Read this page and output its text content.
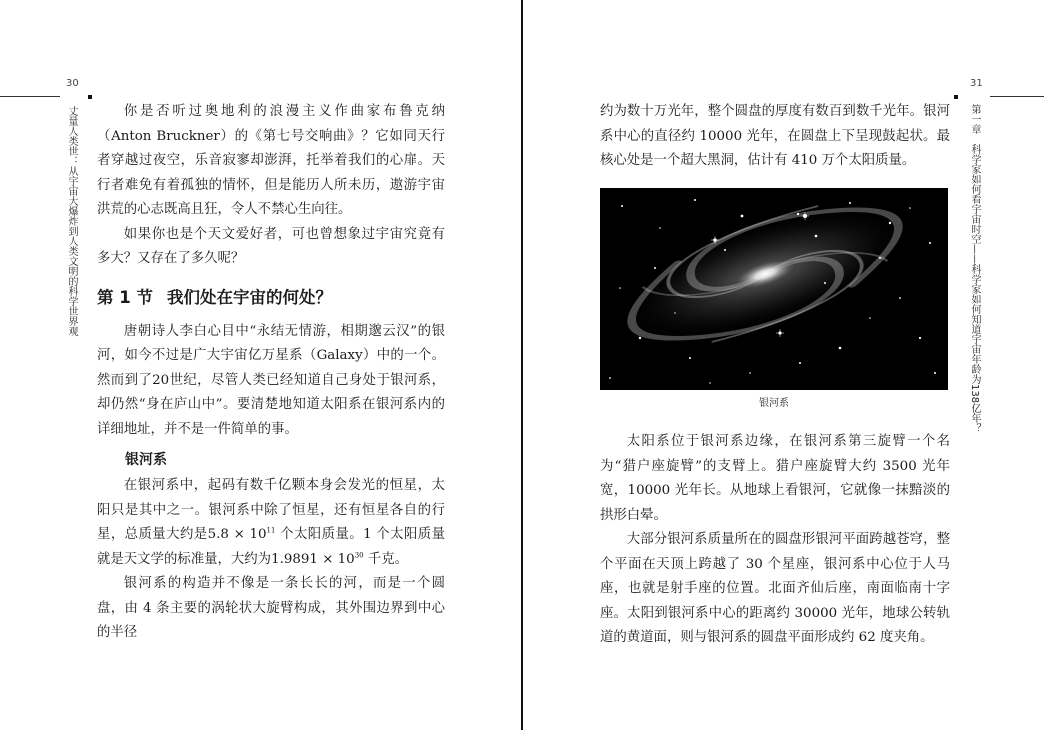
30
丈量人类世：从宇宙大爆炸到人类文明的科学世界观	你是否听过奥地利的浪漫主义作曲家布鲁克纳（Anton Bruckner）的《第七号交响曲》？它如同天行者穿越过夜空，乐音寂寥却澎湃，托举着我们的心扉。天行者难免有着孤独的情怀，但是能历人所未历，遨游宇宙洪荒的心志既高且狂，令人不禁心生向往。

如果你也是个天文爱好者，可也曾想象过宇宙究竟有多大？又存在了多久呢？

第 1 节 我们处在宇宙的何处？

唐朝诗人李白心目中“永结无情游，相期邈云汉”的银河，如今不过是广大宇宙亿万星系（Galaxy）中的一个。然而到了20世纪，尽管人类已经知道自己身处于银河系，却仍然“身在庐山中”。要清楚地知道太阳系在银河系内的详细地址，并不是一件简单的事。

银河系

在银河系中，起码有数千亿颗本身会发光的恒星，太阳只是其中之一。银河系中除了恒星，还有恒星各自的行星，总质量大约是$5.8 \times 10^{11}$ 个太阳质量。1 个太阳质量就是天文学的标准量，大约为$1.9891 \times 10^{30}$ 千克。

银河系的构造并不像是一条长长的河，而是一个圆盘，由 4 条主要的涡轮状大旋臂构成，其外围边界到中心的半径

31
第一章　科学家如何看宇宙时空——科学家如何知道宇宙年龄为138亿年？

约为数十万光年，整个圆盘的厚度有数百到数千光年。银河系中心的直径约 10000 光年，在圆盘上下呈现鼓起状。最核心处是一个超大黑洞，估计有 410 万个太阳质量。

银河系

太阳系位于银河系边缘，在银河系第三旋臂一个名为“猎户座旋臂”的支臂上。猎户座旋臂大约 3500 光年宽，10000 光年长。从地球上看银河，它就像一抹黯淡的拱形白晕。

大部分银河系质量所在的圆盘形银河平面跨越苍穹，整个平面在天顶上跨越了 30 个星座，银河系中心位于人马座，也就是射手座的位置。北面齐仙后座，南面临南十字座。太阳到银河系中心的距离约 30000 光年，地球公转轨道的黄道面，则与银河系的圆盘平面形成约 62 度夹角。
